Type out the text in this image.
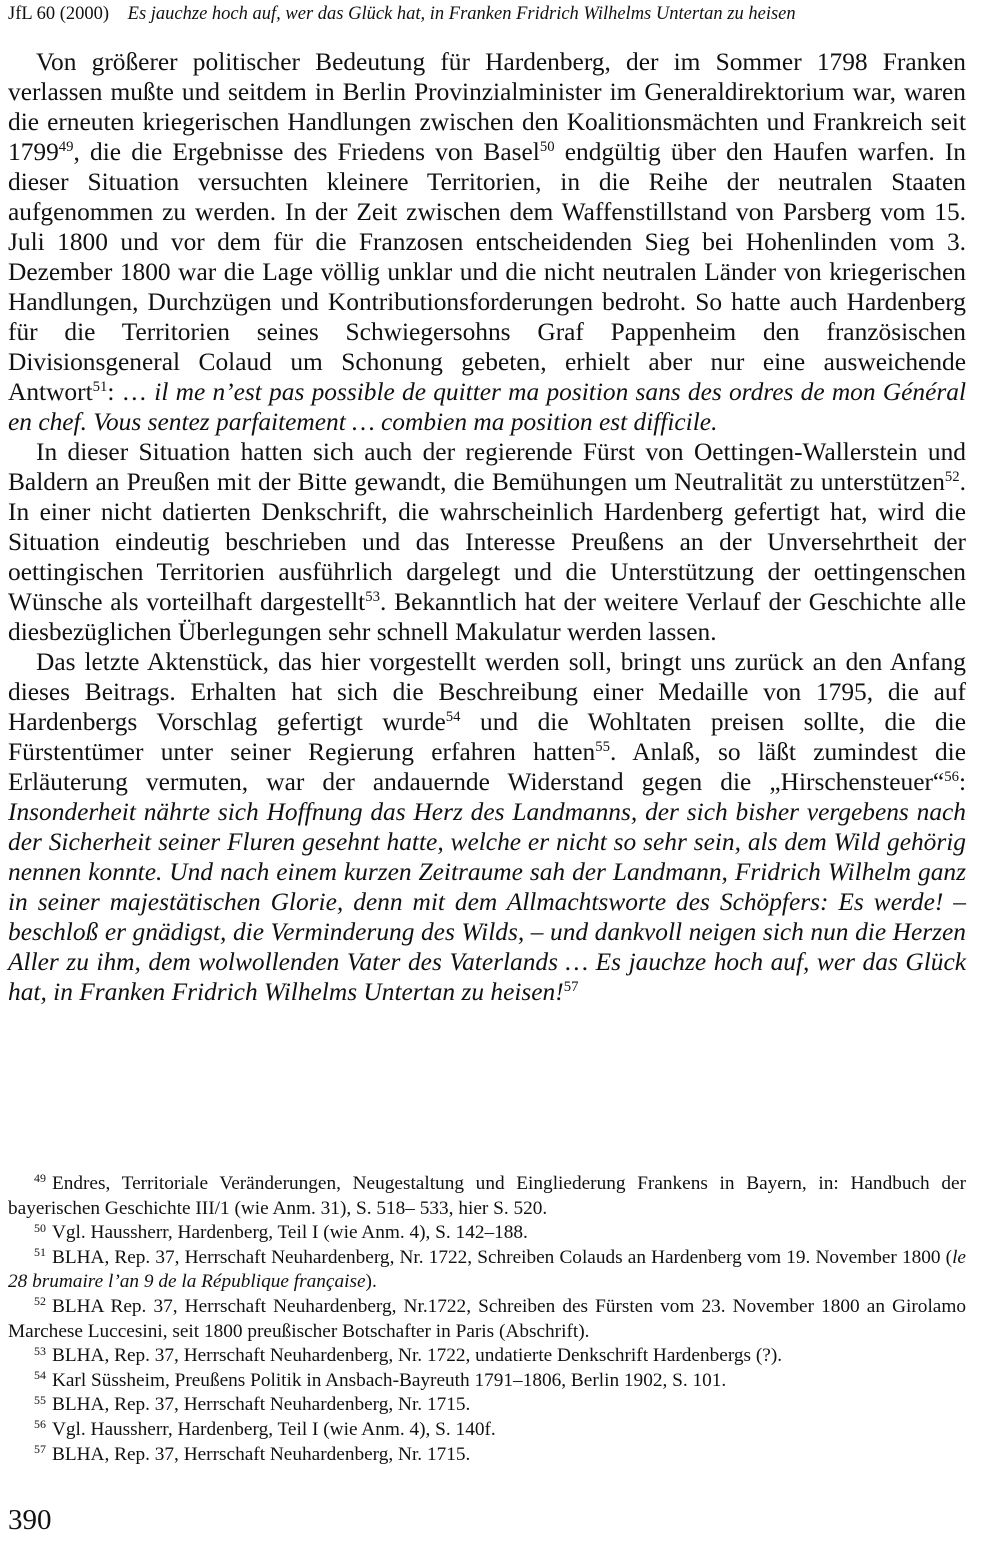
JfL 60 (2000) Es jauchze hoch auf, wer das Glück hat, in Franken Fridrich Wilhelms Untertan zu heisen

Von größerer politischer Bedeutung für Hardenberg, der im Sommer 1798 Franken verlassen mußte und seitdem in Berlin Provinzialminister im Generaldirektorium war, waren die erneuten kriegerischen Handlungen zwischen den Koalitionsmächten und Frankreich seit 1799$^{49}$, die die Ergebnisse des Friedens von Basel$^{50}$ endgültig über den Haufen warfen. In dieser Situation versuchten kleinere Territorien, in die Reihe der neutralen Staaten aufgenommen zu werden. In der Zeit zwischen dem Waffenstillstand von Parsberg vom 15. Juli 1800 und vor dem für die Franzosen entscheidenden Sieg bei Hohenlinden vom 3. Dezember 1800 war die Lage völlig unklar und die nicht neutralen Länder von kriegerischen Handlungen, Durchzügen und Kontributionsforderungen bedroht. So hatte auch Hardenberg für die Territorien seines Schwiegersohns Graf Pappenheim den französischen Divisionsgeneral Colaud um Schonung gebeten, erhielt aber nur eine ausweichende Antwort$^{51}$: … il me n’est pas possible de quitter ma position sans des ordres de mon Général en chef. Vous sentez parfaitement … combien ma position est difficile.

In dieser Situation hatten sich auch der regierende Fürst von Oettingen-Wallerstein und Baldern an Preußen mit der Bitte gewandt, die Bemühungen um Neutralität zu unterstützen$^{52}$. In einer nicht datierten Denkschrift, die wahrscheinlich Hardenberg gefertigt hat, wird die Situation eindeutig beschrieben und das Interesse Preußens an der Unversehrtheit der oettingischen Territorien ausführlich dargelegt und die Unterstützung der oettingenschen Wünsche als vorteilhaft dargestellt$^{53}$. Bekanntlich hat der weitere Verlauf der Geschichte alle diesbezüglichen Überlegungen sehr schnell Makulatur werden lassen.

Das letzte Aktenstück, das hier vorgestellt werden soll, bringt uns zurück an den Anfang dieses Beitrags. Erhalten hat sich die Beschreibung einer Medaille von 1795, die auf Hardenbergs Vorschlag gefertigt wurde$^{54}$ und die Wohltaten preisen sollte, die die Fürstentümer unter seiner Regierung erfahren hatten$^{55}$. Anlaß, so läßt zumindest die Erläuterung vermuten, war der andauernde Widerstand gegen die „Hirschensteuer“$^{56}$: Insonderheit nährte sich Hoffnung das Herz des Landmanns, der sich bisher vergebens nach der Sicherheit seiner Fluren gesehnt hatte, welche er nicht so sehr sein, als dem Wild gehörig nennen konnte. Und nach einem kurzen Zeitraume sah der Landmann, Fridrich Wilhelm ganz in seiner majestätischen Glorie, denn mit dem Allmachtsworte des Schöpfers: Es werde! – beschloß er gnädigst, die Verminderung des Wilds, – und dankvoll neigen sich nun die Herzen Aller zu ihm, dem wolwollenden Vater des Vaterlands … Es jauchze hoch auf, wer das Glück hat, in Franken Fridrich Wilhelms Untertan zu heisen!$^{57}$

$^{49}$ Endres, Territoriale Veränderungen, Neugestaltung und Eingliederung Frankens in Bayern, in: Handbuch der bayerischen Geschichte III/1 (wie Anm. 31), S. 518– 533, hier S. 520.

$^{50}$ Vgl. Haussherr, Hardenberg, Teil I (wie Anm. 4), S. 142–188.

$^{51}$ BLHA, Rep. 37, Herrschaft Neuhardenberg, Nr. 1722, Schreiben Colauds an Hardenberg vom 19. November 1800 (le 28 brumaire l’an 9 de la République française).

$^{52}$ BLHA Rep. 37, Herrschaft Neuhardenberg, Nr.1722, Schreiben des Fürsten vom 23. November 1800 an Girolamo Marchese Luccesini, seit 1800 preußischer Botschafter in Paris (Abschrift).

$^{53}$ BLHA, Rep. 37, Herrschaft Neuhardenberg, Nr. 1722, undatierte Denkschrift Hardenbergs (?).

$^{54}$ Karl Süssheim, Preußens Politik in Ansbach-Bayreuth 1791–1806, Berlin 1902, S. 101.

$^{55}$ BLHA, Rep. 37, Herrschaft Neuhardenberg, Nr. 1715.

$^{56}$ Vgl. Haussherr, Hardenberg, Teil I (wie Anm. 4), S. 140f.

$^{57}$ BLHA, Rep. 37, Herrschaft Neuhardenberg, Nr. 1715.

390
